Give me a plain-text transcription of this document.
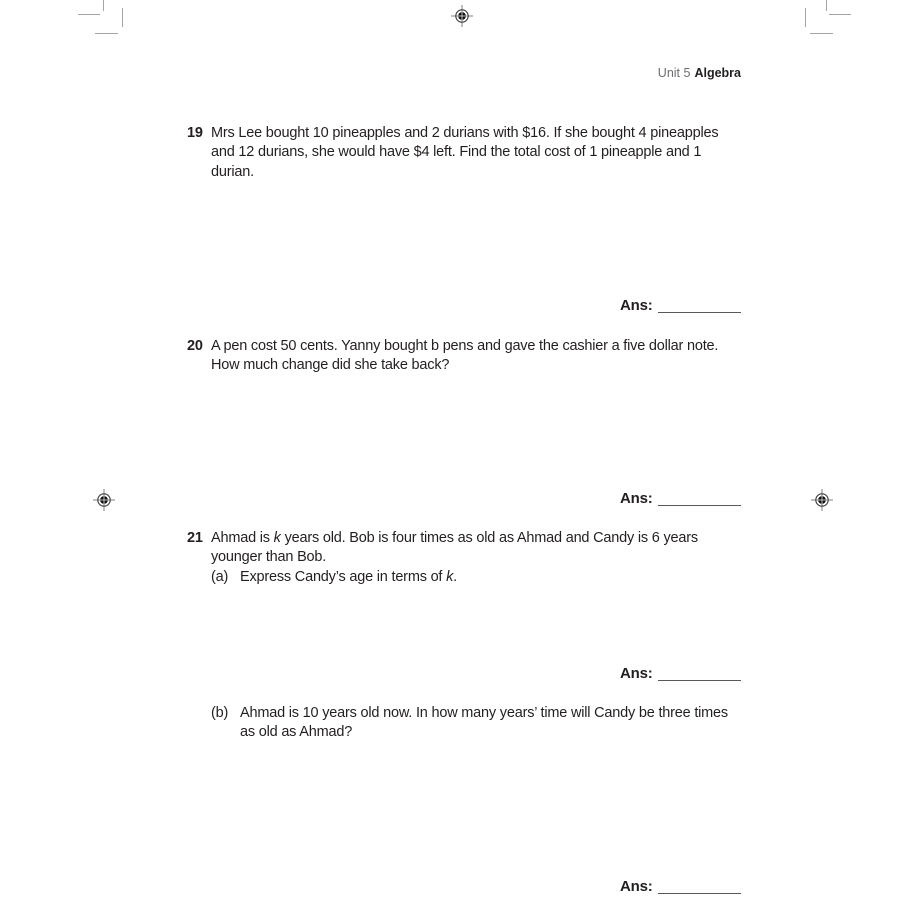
Unit 5 Algebra
19 Mrs Lee bought 10 pineapples and 2 durians with $16. If she bought 4 pineapples and 12 durians, she would have $4 left. Find the total cost of 1 pineapple and 1 durian.
Ans:
20 A pen cost 50 cents. Yanny bought b pens and gave the cashier a five dollar note. How much change did she take back?
Ans:
21 Ahmad is k years old. Bob is four times as old as Ahmad and Candy is 6 years younger than Bob.
(a) Express Candy’s age in terms of k.
Ans:
(b) Ahmad is 10 years old now. In how many years’ time will Candy be three times as old as Ahmad?
Ans:
